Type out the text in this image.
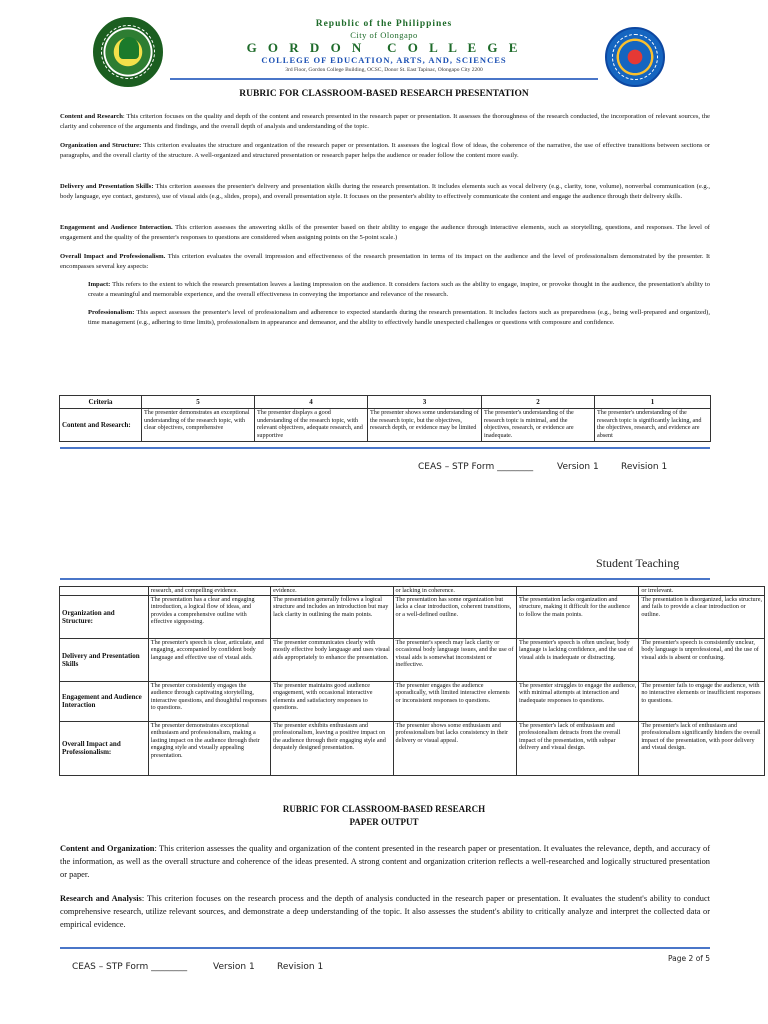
Republic of the Philippines
City of Olongapo
G O R D O N   C O L L E G E
COLLEGE OF EDUCATION, ARTS, AND, SCIENCES
3rd Floor, Gordon College Building, OCSC, Donor St. East Tapinac, Olongapo City 2200
RUBRIC FOR CLASSROOM-BASED RESEARCH PRESENTATION
Content and Research: This criterion focuses on the quality and depth of the content and research presented in the research paper or presentation. It assesses the thoroughness of the research conducted, the incorporation of relevant sources, the clarity and coherence of the arguments and findings, and the overall depth of analysis and understanding of the topic.
Organization and Structure: This criterion evaluates the structure and organization of the research paper or presentation. It assesses the logical flow of ideas, the coherence of the narrative, the use of effective transitions between sections or paragraphs, and the overall clarity of the structure. A well-organized and structured presentation or research paper helps the audience or reader follow the content more easily.
Delivery and Presentation Skills: This criterion assesses the presenter's delivery and presentation skills during the research presentation. It includes elements such as vocal delivery (e.g., clarity, tone, volume), nonverbal communication (e.g., body language, eye contact, gestures), use of visual aids (e.g., slides, props), and overall presentation style. It focuses on the presenter's ability to effectively communicate the content and engage the audience through their delivery skills.
Engagement and Audience Interaction. This criterion assesses the answering skills of the presenter based on their ability to engage the audience through interactive elements, such as storytelling, questions, and responses. The level of engagement and the quality of the presenter's responses to questions are considered when assigning points on the 5-point scale.)
Overall Impact and Professionalism. This criterion evaluates the overall impression and effectiveness of the research presentation in terms of its impact on the audience and the level of professionalism demonstrated by the presenter. It encompasses several key aspects:
Impact: This refers to the extent to which the research presentation leaves a lasting impression on the audience. It considers factors such as the ability to engage, inspire, or provoke thought in the audience, the presentation's ability to create a meaningful and memorable experience, and the overall effectiveness in conveying the importance and relevance of the research.
Professionalism: This aspect assesses the presenter's level of professionalism and adherence to expected standards during the research presentation. It includes factors such as preparedness (e.g., being well-prepared and organized), time management (e.g., adhering to time limits), professionalism in appearance and demeanor, and the ability to effectively handle unexpected challenges or questions with composure and confidence.
Criteria	5	4	3	2	1
Content and Research:	The presenter demonstrates an exceptional understanding of the research topic, with clear objectives, comprehensive	The presenter displays a good understanding of the research topic, with relevant objectives, adequate research, and supportive	The presenter shows some understanding of the research topic, but the objectives, research depth, or evidence may be limited	The presenter's understanding of the research topic is minimal, and the objectives, research, or evidence are inadequate.	The presenter's understanding of the research topic is significantly lacking, and the objectives, research, and evidence are absent
CEAS – STP Form ________	Version 1 Revision 1
Student Teaching
	research, and compelling evidence.	evidence.	or lacking in coherence.		or irrelevant.
Organization and Structure:	The presentation has a clear and engaging introduction, a logical flow of ideas, and provides a comprehensive outline with effective signposting.	The presentation generally follows a logical structure and includes an introduction but may lack clarity in outlining the main points.	The presentation has some organization but lacks a clear introduction, coherent transitions, or a well-defined outline.	The presentation lacks organization and structure, making it difficult for the audience to follow the main points.	The presentation is disorganized, lacks structure, and fails to provide a clear introduction or outline.
Delivery and Presentation Skills	The presenter's speech is clear, articulate, and engaging, accompanied by confident body language and effective use of visual aids.	The presenter communicates clearly with mostly effective body language and uses visual aids appropriately to enhance the presentation.	The presenter's speech may lack clarity or occasional body language issues, and the use of visual aids is somewhat inconsistent or ineffective.	The presenter's speech is often unclear, body language is lacking confidence, and the use of visual aids is inadequate or distracting.	The presenter's speech is consistently unclear, body language is unprofessional, and the use of visual aids is absent or confusing.
Engagement and Audience Interaction	The presenter consistently engages the audience through captivating storytelling, interactive questions, and thoughtful responses to questions.	The presenter maintains good audience engagement, with occasional interactive elements and satisfactory responses to questions.	The presenter engages the audience sporadically, with limited interactive elements or inconsistent responses to questions.	The presenter struggles to engage the audience, with minimal attempts at interaction and inadequate responses to questions.	The presenter fails to engage the audience, with no interactive elements or insufficient responses to questions.
Overall Impact and Professionalism:	The presenter demonstrates exceptional enthusiasm and professionalism, making a lasting impact on the audience through their engaging style and visually appealing presentation.	The presenter exhibits enthusiasm and professionalism, leaving a positive impact on the audience through their engaging style and dequately designed presentation.	The presenter shows some enthusiasm and professionalism but lacks consistency in their delivery or visual appeal.	The presenter's lack of enthusiasm and professionalism detracts from the overall impact of the presentation, with subpar delivery and visual design.	The presenter's lack of enthusiasm and professionalism significantly hinders the overall impact of the presentation, with poor delivery and visual design.
RUBRIC FOR CLASSROOM-BASED RESEARCH
PAPER OUTPUT
Content and Organization: This criterion assesses the quality and organization of the content presented in the research paper or presentation. It evaluates the relevance, depth, and accuracy of the information, as well as the overall structure and coherence of the ideas presented. A strong content and organization criterion reflects a well-researched and logically structured presentation or paper.
Research and Analysis: This criterion focuses on the research process and the depth of analysis conducted in the research paper or presentation. It evaluates the student's ability to conduct comprehensive research, utilize relevant sources, and demonstrate a deep understanding of the topic. It also assesses the student's ability to critically analyze and interpret the collected data or empirical evidence.
Page 2 of 5
CEAS – STP Form ________	Version 1 Revision 1
